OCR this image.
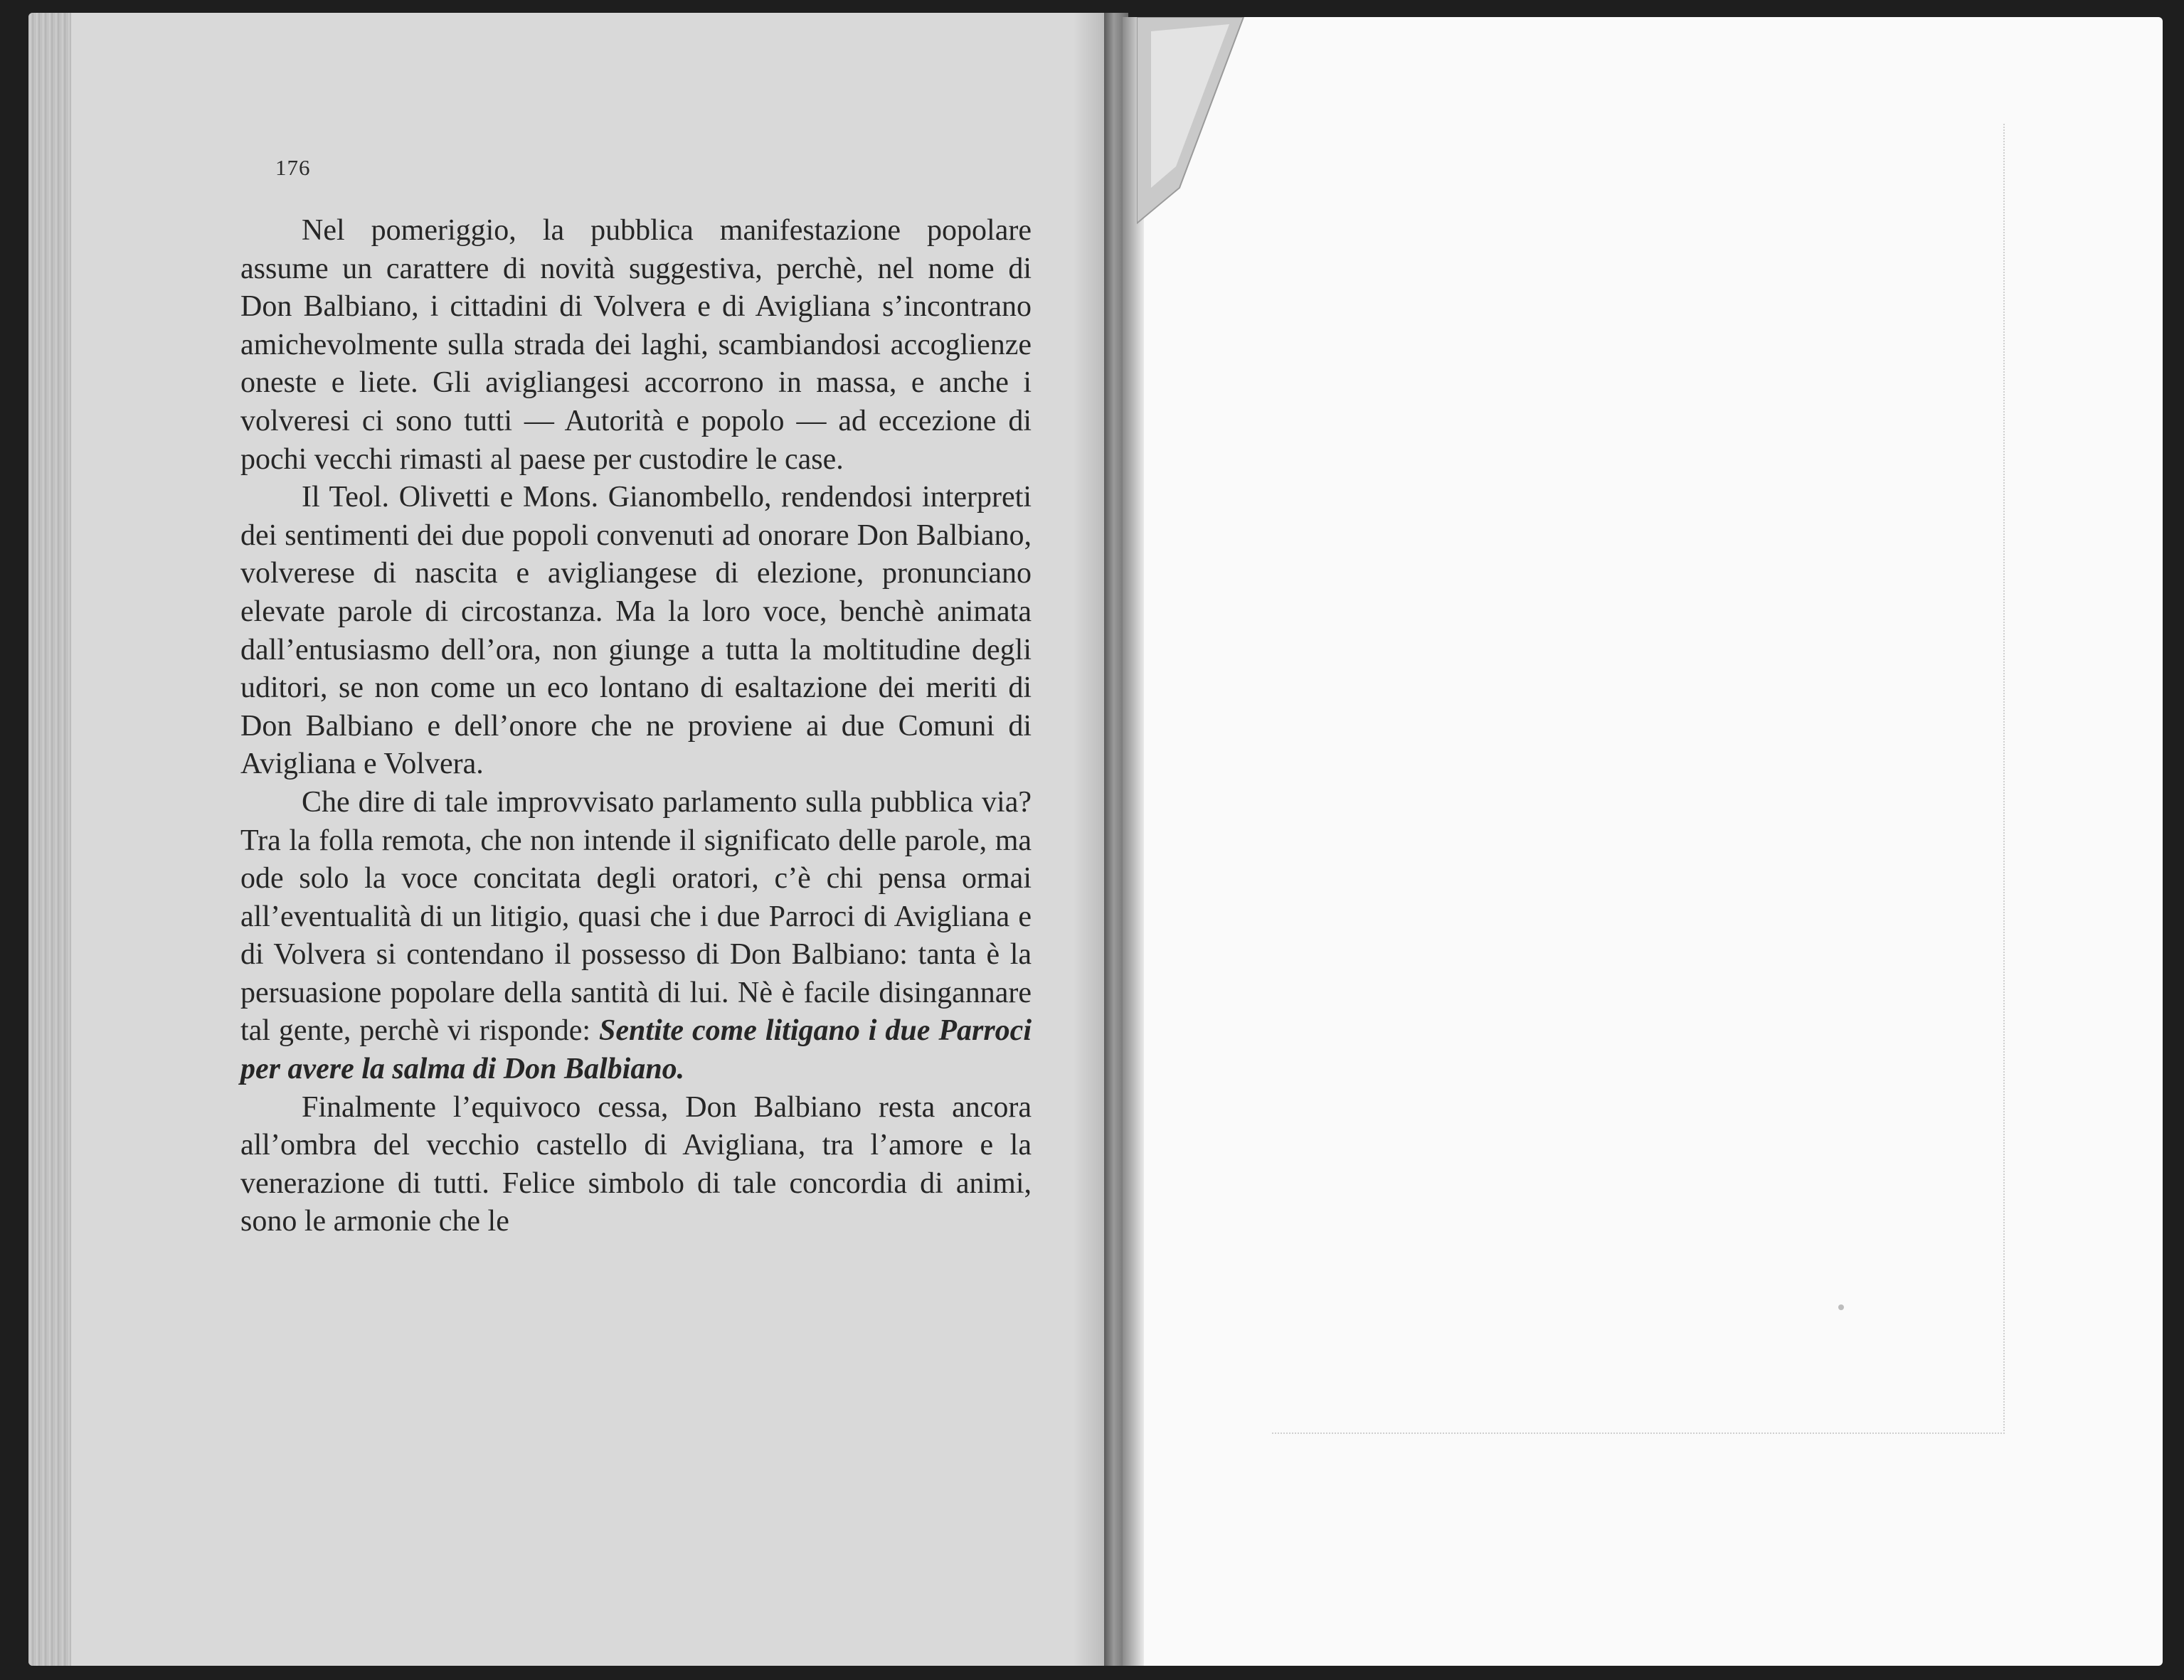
176

Nel pomeriggio, la pubblica manifestazione popolare assume un carattere di novità suggestiva, perchè, nel nome di Don Balbiano, i cittadini di Volvera e di Avigliana s’incontrano amichevolmente sulla strada dei laghi, scambiandosi accoglienze oneste e liete. Gli avigliangesi accorrono in massa, e anche i volveresi ci sono tutti — Autorità e popolo — ad eccezione di pochi vecchi rimasti al paese per custodire le case.

Il Teol. Olivetti e Mons. Gianombello, rendendosi interpreti dei sentimenti dei due popoli convenuti ad onorare Don Balbiano, volverese di nascita e avigliangese di elezione, pronunciano elevate parole di circostanza. Ma la loro voce, benchè animata dall’entusiasmo dell’ora, non giunge a tutta la moltitudine degli uditori, se non come un eco lontano di esaltazione dei meriti di Don Balbiano e dell’onore che ne proviene ai due Comuni di Avigliana e Volvera.

Che dire di tale improvvisato parlamento sulla pubblica via? Tra la folla remota, che non intende il significato delle parole, ma ode solo la voce concitata degli oratori, c’è chi pensa ormai all’eventualità di un litigio, quasi che i due Parroci di Avigliana e di Volvera si contendano il possesso di Don Balbiano: tanta è la persuasione popolare della santità di lui. Nè è facile disingannare tal gente, perchè vi risponde: Sentite come litigano i due Parroci per avere la salma di Don Balbiano.

Finalmente l’equivoco cessa, Don Balbiano resta ancora all’ombra del vecchio castello di Avigliana, tra l’amore e la venerazione di tutti. Felice simbolo di tale concordia di animi, sono le armonie che le
